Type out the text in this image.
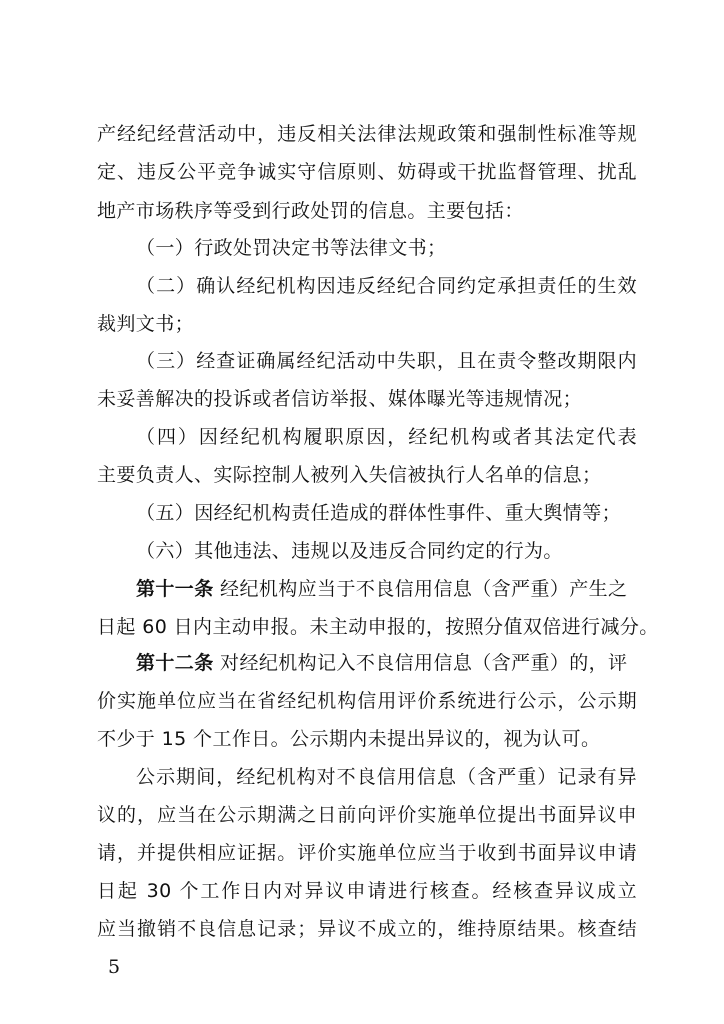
产经纪经营活动中，违反相关法律法规政策和强制性标准等规
定、违反公平竞争诚实守信原则、妨碍或干扰监督管理、扰乱
地产市场秩序等受到行政处罚的信息。主要包括：
（一）行政处罚决定书等法律文书；
（二）确认经纪机构因违反经纪合同约定承担责任的生效
裁判文书；
（三）经查证确属经纪活动中失职，且在责令整改期限内
未妥善解决的投诉或者信访举报、媒体曝光等违规情况；
（四）因经纪机构履职原因，经纪机构或者其法定代表
主要负责人、实际控制人被列入失信被执行人名单的信息；
（五）因经纪机构责任造成的群体性事件、重大舆情等；
（六）其他违法、违规以及违反合同约定的行为。
第十一条 经纪机构应当于不良信用信息（含严重）产生之
日起 60 日内主动申报。未主动申报的，按照分值双倍进行减分。
第十二条 对经纪机构记入不良信用信息（含严重）的，评
价实施单位应当在省经纪机构信用评价系统进行公示，公示期
不少于 15 个工作日。公示期内未提出异议的，视为认可。
公示期间，经纪机构对不良信用信息（含严重）记录有异
议的，应当在公示期满之日前向评价实施单位提出书面异议申
请，并提供相应证据。评价实施单位应当于收到书面异议申请
日起 30 个工作日内对异议申请进行核查。经核查异议成立
应当撤销不良信息记录；异议不成立的，维持原结果。核查结
5
